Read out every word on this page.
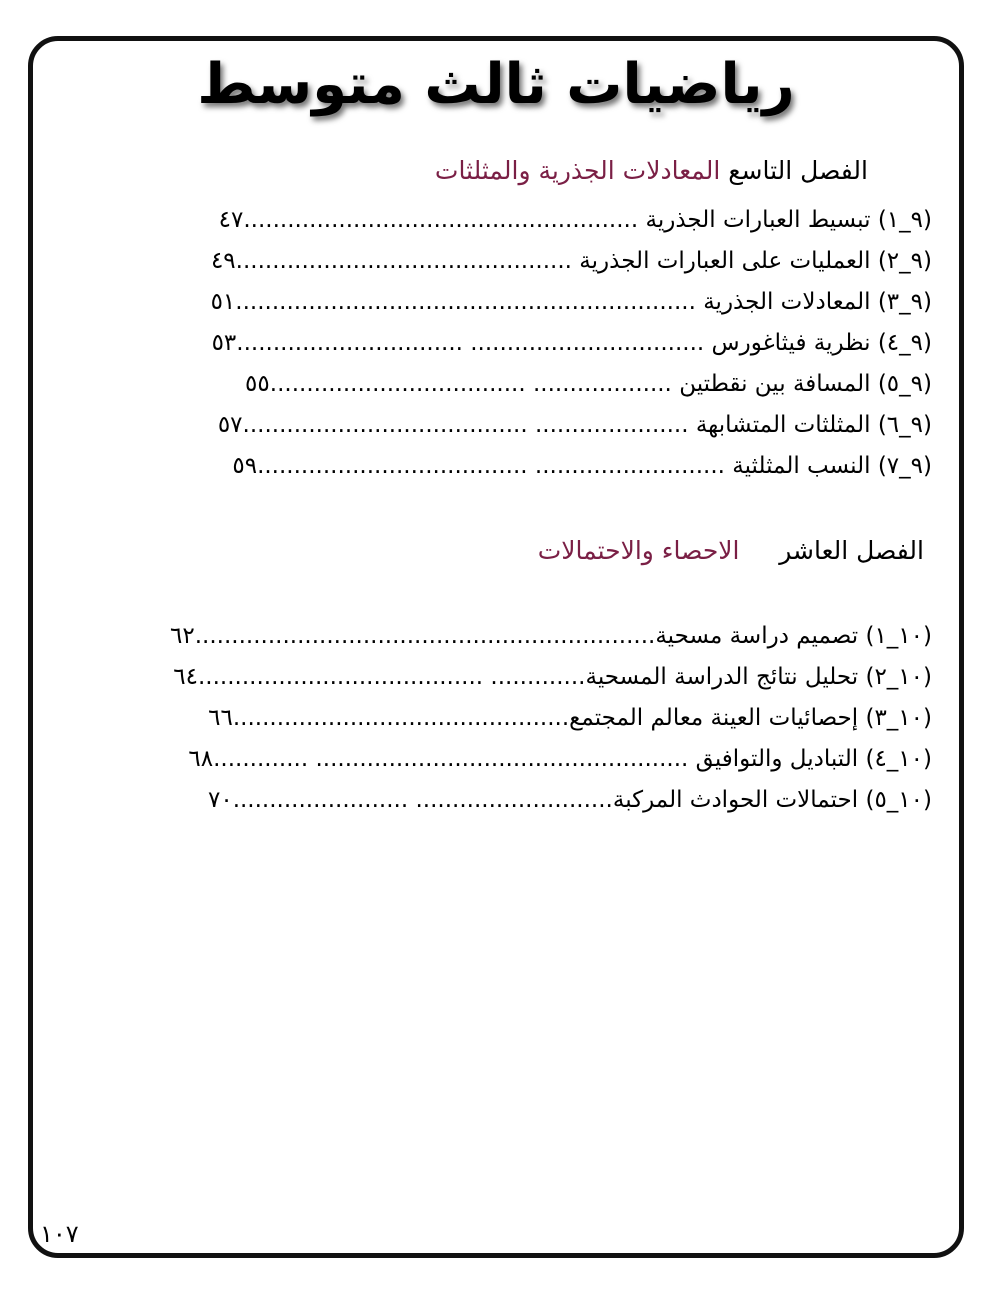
رياضيات ثالث متوسط
الفصل التاسع المعادلات الجذرية والمثلثات
(٩_١) تبسيط العبارات الجذرية ......................................................٤٧
(٩_٢) العمليات على العبارات الجذرية ..............................................٤٩
(٩_٣) المعادلات الجذرية ...............................................................٥١
(٩_٤) نظرية فيثاغورس ................................ ...............................٥٣
(٩_٥) المسافة بين نقطتين ................... ...................................٥٥
(٩_٦) المثلثات المتشابهة ..................... .......................................٥٧
(٩_٧) النسب المثلثية .......................... .....................................٥٩
الفصل العاشر     الاحصاء والاحتمالات
(١٠_١) تصميم دراسة مسحية...............................................................٦٢
(١٠_٢) تحليل نتائج الدراسة المسحية............. .......................................٦٤
(١٠_٣) إحصائيات العينة معالم المجتمع..............................................٦٦
(١٠_٤) التباديل والتوافيق ................................................... .............٦٨
(١٠_٥) احتمالات الحوادث المركبة........................... ........................٧٠
١٠٧
